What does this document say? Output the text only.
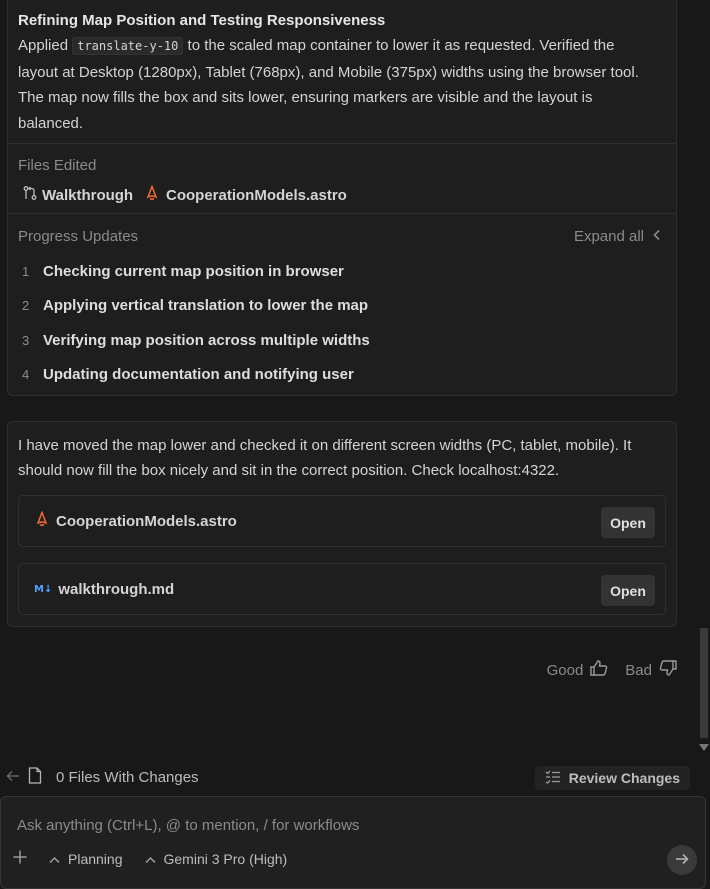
Refining Map Position and Testing Responsiveness
Applied translate-y-10 to the scaled map container to lower it as requested. Verified the layout at Desktop (1280px), Tablet (768px), and Mobile (375px) widths using the browser tool. The map now fills the box and sits lower, ensuring markers are visible and the layout is balanced.
Files Edited
Walkthrough CooperationModels.astro
Progress Updates	Expand all
1 Checking current map position in browser
2 Applying vertical translation to lower the map
3 Verifying map position across multiple widths
4 Updating documentation and notifying user
I have moved the map lower and checked it on different screen widths (PC, tablet, mobile). It should now fill the box nicely and sit in the correct position. Check localhost:4322.
CooperationModels.astro	Open
M↓ walkthrough.md	Open
Good	Bad
0 Files With Changes	Review Changes
Ask anything (Ctrl+L), @ to mention, / for workflows
Planning	Gemini 3 Pro (High)
